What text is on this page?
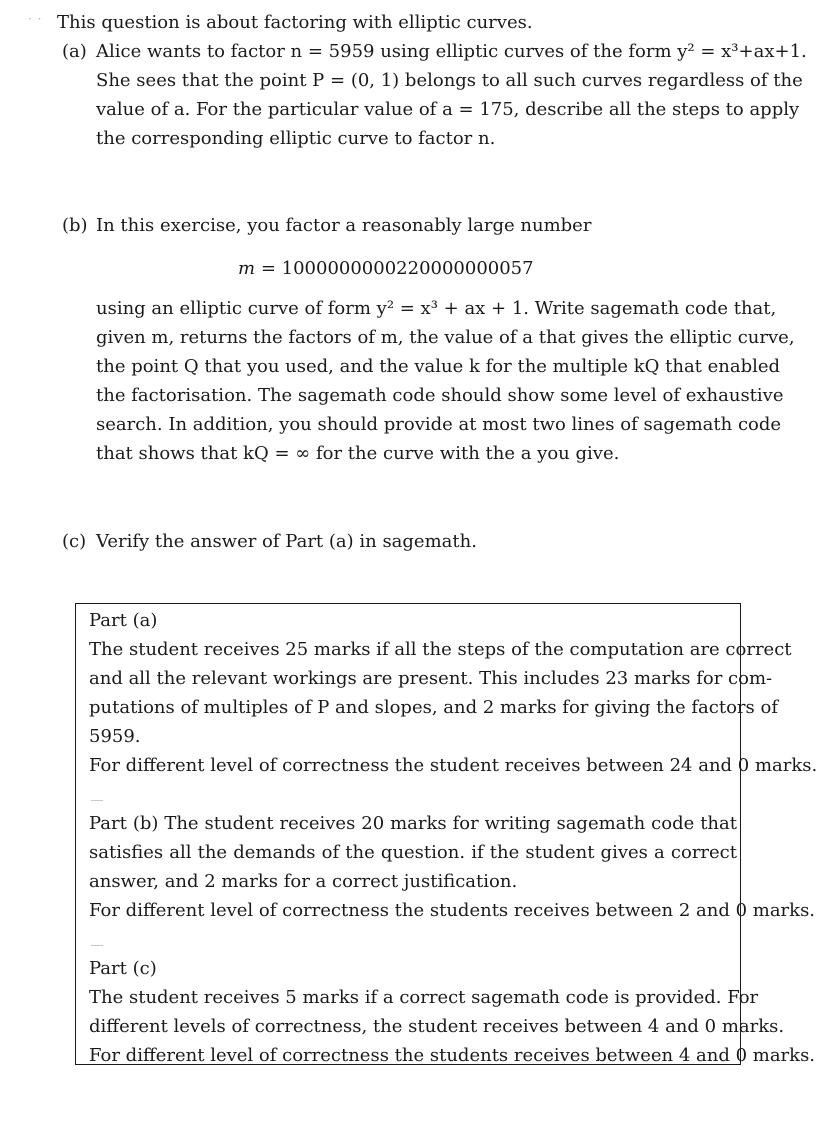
· · This question is about factoring with elliptic curves.
(a) Alice wants to factor n = 5959 using elliptic curves of the form y² = x³+ax+1.
She sees that the point P = (0, 1) belongs to all such curves regardless of the
value of a. For the particular value of a = 175, describe all the steps to apply
the corresponding elliptic curve to factor n.
(b) In this exercise, you factor a reasonably large number
m = 1000000000220000000057
using an elliptic curve of form y² = x³ + ax + 1. Write sagemath code that,
given m, returns the factors of m, the value of a that gives the elliptic curve,
the point Q that you used, and the value k for the multiple kQ that enabled
the factorisation. The sagemath code should show some level of exhaustive
search. In addition, you should provide at most two lines of sagemath code
that shows that kQ = ∞ for the curve with the a you give.
(c) Verify the answer of Part (a) in sagemath.
Part (a)
The student receives 25 marks if all the steps of the computation are correct
and all the relevant workings are present. This includes 23 marks for com-
putations of multiples of P and slopes, and 2 marks for giving the factors of
5959.
For different level of correctness the student receives between 24 and 0 marks.
Part (b) The student receives 20 marks for writing sagemath code that
satisfies all the demands of the question. if the student gives a correct
answer, and 2 marks for a correct justification.
For different level of correctness the students receives between 2 and 0 marks.
Part (c)
The student receives 5 marks if a correct sagemath code is provided. For
different levels of correctness, the student receives between 4 and 0 marks.
For different level of correctness the students receives between 4 and 0 marks.
